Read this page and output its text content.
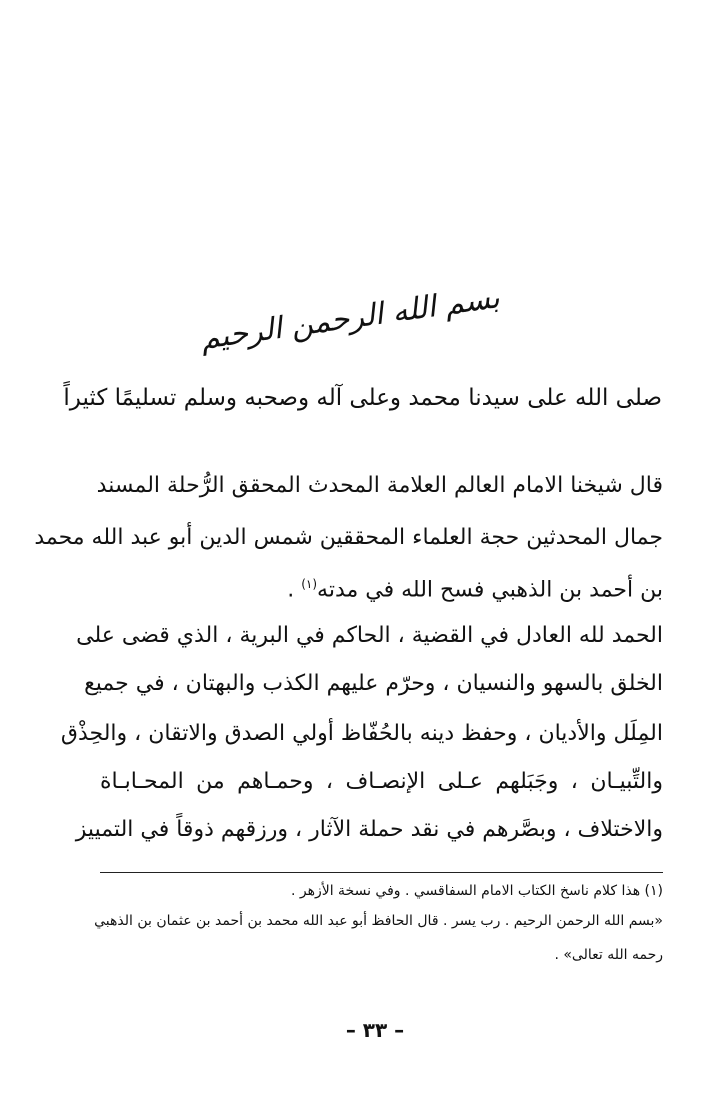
بسم الله الرحمن الرحيم
صلى الله على سيدنا محمد وعلى آله وصحبه وسلم تسليمًا كثيراً
قال شيخنا الامام العالم العلامة المحدث المحقق الرُّحلة المسند
جمال المحدثين حجة العلماء المحققين شمس الدين أبو عبد الله محمد
بن أحمد بن الذهبي فسح الله في مدته$^{(١)}$ .
الحمد لله العادل في القضية ، الحاكم في البرية ، الذي قضى على
الخلق بالسهو والنسيان ، وحرّم عليهم الكذب والبهتان ، في جميع
المِلَل والأديان ، وحفظ دينه بالحُفّاظ أولي الصدق والاتقان ، والحِذْق
والتِّبيـان ، وجَبَلهم عـلى الإنصـاف ، وحمـاهم من المحـابـاة
والاختلاف ، وبصَّرهم في نقد حملة الآثار ، ورزقهم ذوقاً في التمييز
(١) هذا كلام ناسخ الكتاب الامام السفاقسي . وفي نسخة الأزهر .
«بسم الله الرحمن الرحيم . رب يسر . قال الحافظ أبو عبد الله محمد بن أحمد بن عثمان بن الذهبي
رحمه الله تعالى» .
– ٣٣ –
